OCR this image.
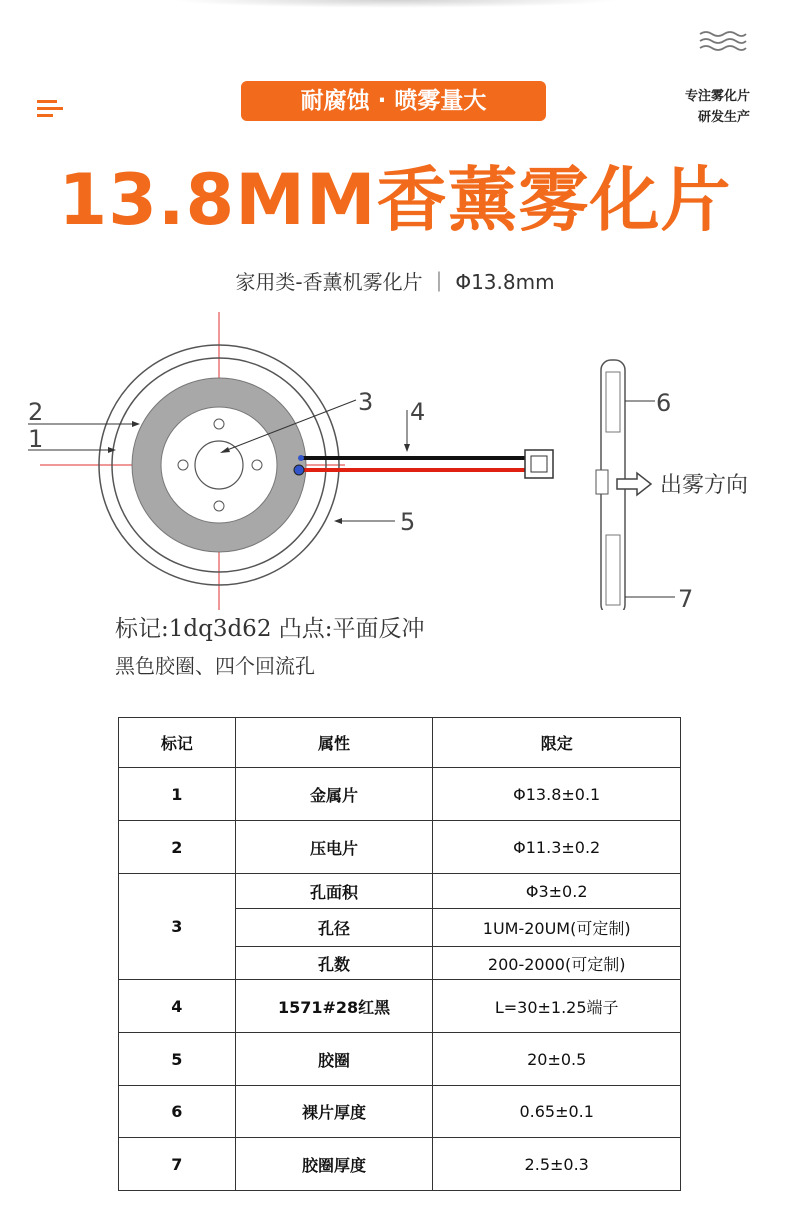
耐腐蚀 · 喷雾量大	专注雾化片
研发生产
13.8MM香薰雾化片
家用类-香薰机雾化片 ｜ Φ13.8mm
2
1
3 4
5
6
7
出雾方向
标记:1dq3d62 凸点:平面反冲
黑色胶圈、四个回流孔
标记	属性	限定
1	金属片	Φ13.8±0.1
2	压电片	Φ11.3±0.2
3	孔面积	Φ3±0.2
	孔径	1UM-20UM(可定制)
	孔数	200-2000(可定制)
4	1571#28红黑	L=30±1.25端子
5	胶圈	20±0.5
6	裸片厚度	0.65±0.1
7	胶圈厚度	2.5±0.3
